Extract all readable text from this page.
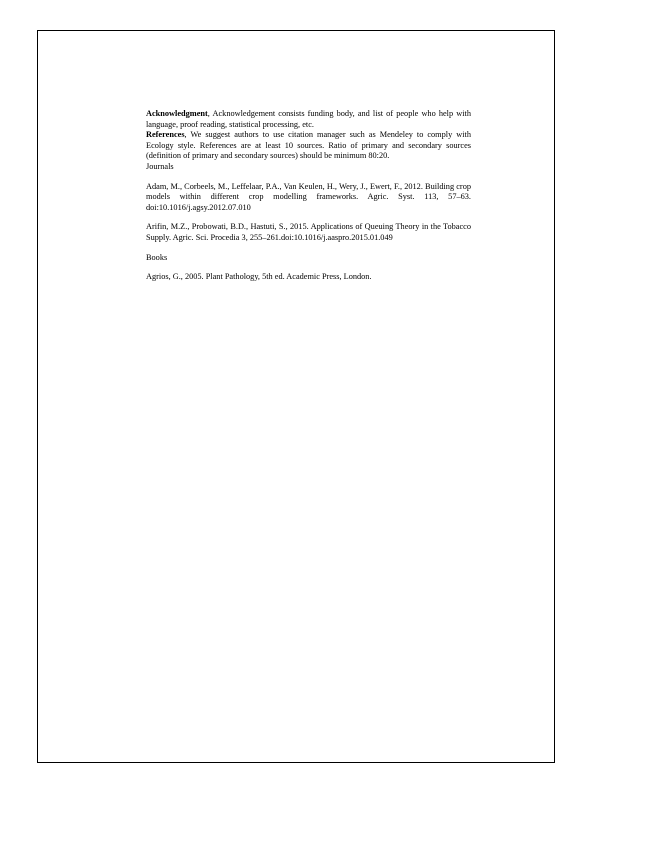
Acknowledgment, Acknowledgement consists funding body, and list of people who help with language, proof reading, statistical processing, etc.

References, We suggest authors to use citation manager such as Mendeley to comply with Ecology style. References are at least 10 sources. Ratio of primary and secondary sources (definition of primary and secondary sources) should be minimum 80:20.

Journals

Adam, M., Corbeels, M., Leffelaar, P.A., Van Keulen, H., Wery, J., Ewert, F., 2012. Building crop models within different crop modelling frameworks. Agric. Syst. 113, 57–63. doi:10.1016/j.agsy.2012.07.010

Arifin, M.Z., Probowati, B.D., Hastuti, S., 2015. Applications of Queuing Theory in the Tobacco Supply. Agric. Sci. Procedia 3, 255–261.doi:10.1016/j.aaspro.2015.01.049

Books

Agrios, G., 2005. Plant Pathology, 5th ed. Academic Press, London.
